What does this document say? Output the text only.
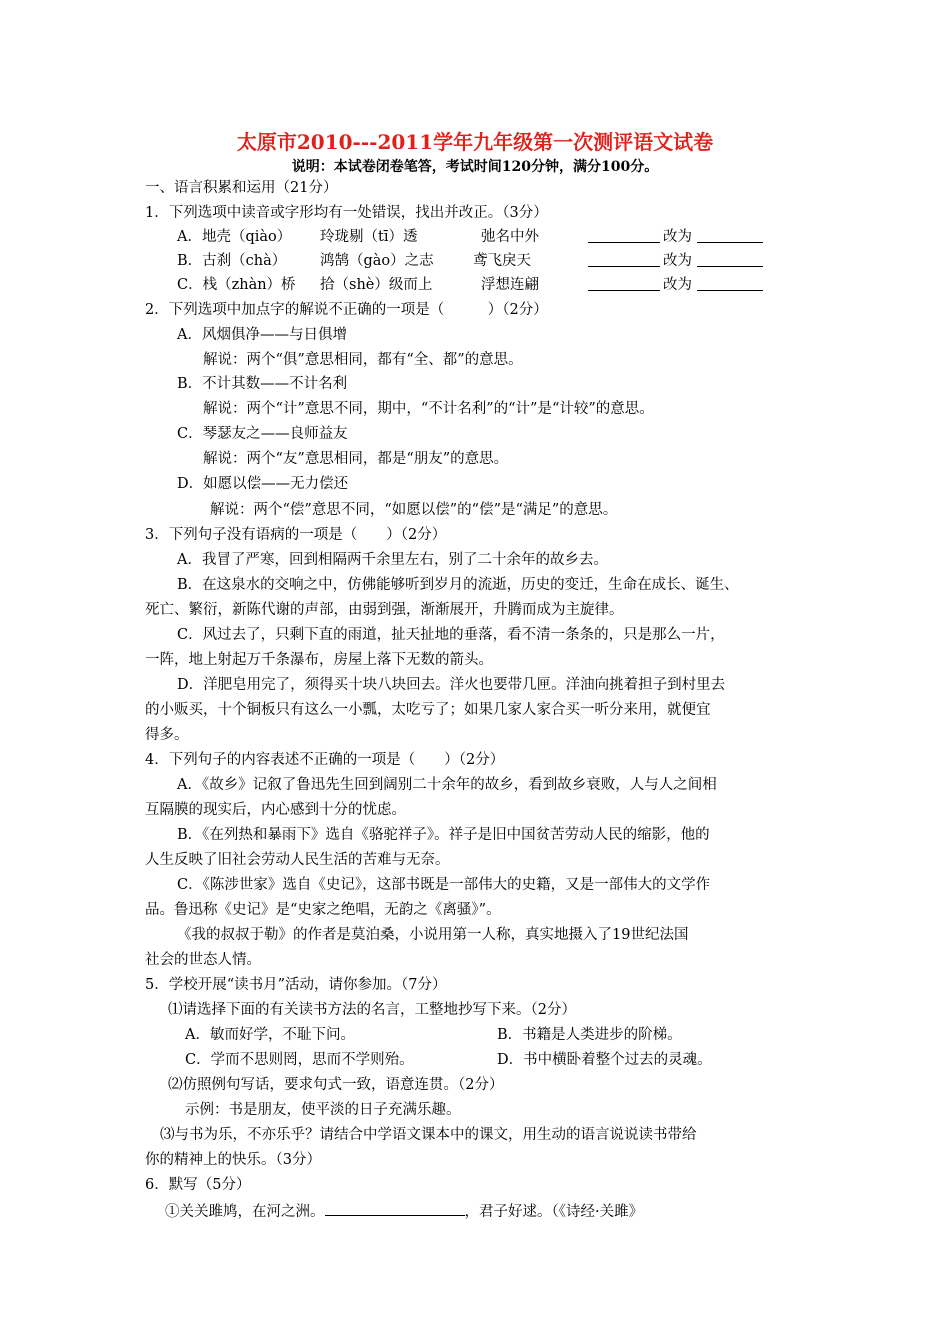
太原市2010---2011学年九年级第一次测评语文试卷
说明：本试卷闭卷笔答，考试时间120分钟，满分100分。
一、语言积累和运用（21分）
1．下列选项中读音或字形均有一处错误，找出并改正。（3分）
A．地壳（qiào） 玲珑剔（tī）透	弛名中外	改为
B．古刹（chà） 鸿鹄（gào）之志	鸢飞戾天	改为
C．栈（zhàn）桥 拾（shè）级而上	浮想连翩	改为
2．下列选项中加点字的解说不正确的一项是（　　　）（2分）
A．风烟俱净——与日俱增
解说：两个“俱”意思相同，都有“全、都”的意思。
B．不计其数——不计名利
解说：两个“计”意思不同，期中，“不计名利”的“计”是“计较”的意思。
C．琴瑟友之——良师益友
解说：两个“友”意思相同，都是“朋友”的意思。
D．如愿以偿——无力偿还
解说：两个“偿”意思不同，“如愿以偿”的“偿”是“满足”的意思。
3．下列句子没有语病的一项是（　　）（2分）
A．我冒了严寒，回到相隔两千余里左右，别了二十余年的故乡去。
B．在这泉水的交响之中，仿佛能够听到岁月的流逝，历史的变迁，生命在成长、诞生、
死亡、繁衍，新陈代谢的声部，由弱到强，渐渐展开，升腾而成为主旋律。
C．风过去了，只剩下直的雨道，扯天扯地的垂落，看不清一条条的，只是那么一片，
一阵，地上射起万千条瀑布，房屋上落下无数的箭头。
D．洋肥皂用完了，须得买十块八块回去。洋火也要带几匣。洋油向挑着担子到村里去
的小贩买，十个铜板只有这么一小瓢，太吃亏了；如果几家人家合买一听分来用，就便宜
得多。
4．下列句子的内容表述不正确的一项是（　　）（2分）
A．《故乡》记叙了鲁迅先生回到阔别二十余年的故乡，看到故乡衰败，人与人之间相
互隔膜的现实后，内心感到十分的忧虑。
B．《在列热和暴雨下》选自《骆驼祥子》。祥子是旧中国贫苦劳动人民的缩影，他的
人生反映了旧社会劳动人民生活的苦难与无奈。
C．《陈涉世家》选自《史记》，这部书既是一部伟大的史籍，又是一部伟大的文学作
品。鲁迅称《史记》是“史家之绝唱，无韵之《离骚》”。
《我的叔叔于勒》的作者是莫泊桑，小说用第一人称，真实地摄入了19世纪法国
社会的世态人情。
5．学校开展“读书月”活动，请你参加。（7分）
⑴请选择下面的有关读书方法的名言，工整地抄写下来。（2分）
A．敏而好学，不耻下问。	B．书籍是人类进步的阶梯。
C．学而不思则罔，思而不学则殆。	D．书中横卧着整个过去的灵魂。
⑵仿照例句写话，要求句式一致，语意连贯。（2分）
示例：书是朋友，使平淡的日子充满乐趣。
⑶与书为乐，不亦乐乎？请结合中学语文课本中的课文，用生动的语言说说读书带给
你的精神上的快乐。（3分）
6．默写（5分）
①关关雎鸠，在河之洲。	，君子好逑。（《诗经·关雎》
